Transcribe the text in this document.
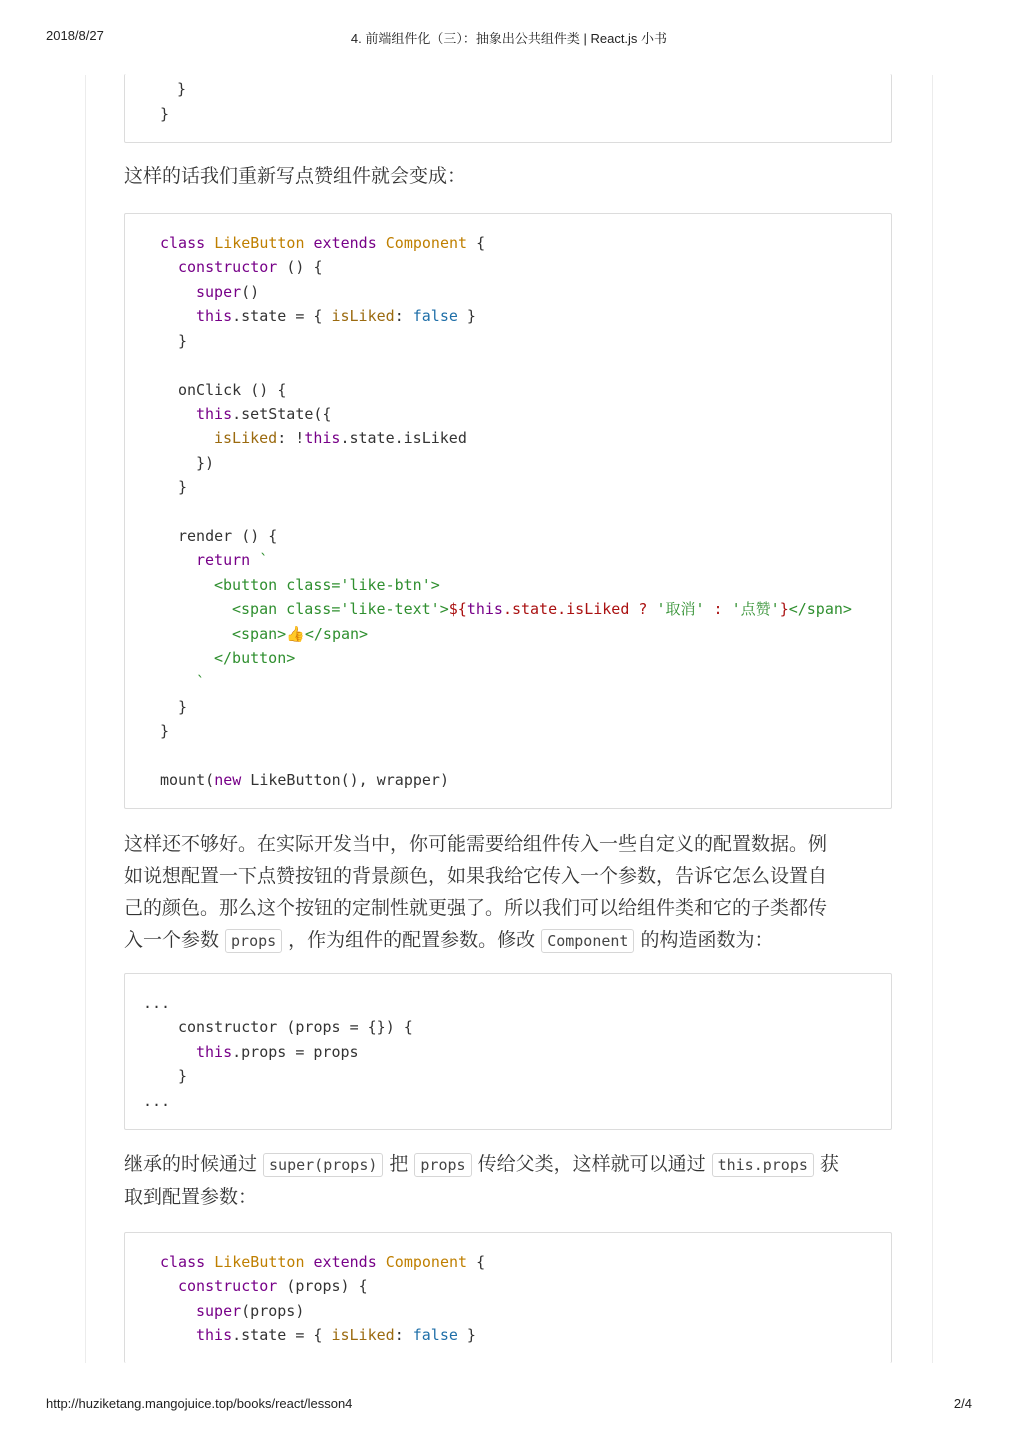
2018/8/27	4. 前端组件化（三）：抽象出公共组件类 | React.js 小书
}
}
这样的话我们重新写点赞组件就会变成：
class LikeButton extends Component {
constructor () {
super()
this.state = { isLiked: false }
}
onClick () {
this.setState({
isLiked: !this.state.isLiked
})
}
render () {
return `
<button class='like-btn'>
<span class='like-text'>${this.state.isLiked ? '取消' : '点赞'}</span>
<span>👍</span>
</button>
`
}
}
mount(new LikeButton(), wrapper)
这样还不够好。在实际开发当中，你可能需要给组件传入一些自定义的配置数据。例
如说想配置一下点赞按钮的背景颜色，如果我给它传入一个参数，告诉它怎么设置自
己的颜色。那么这个按钮的定制性就更强了。所以我们可以给组件类和它的子类都传
入一个参数 props ，作为组件的配置参数。修改 Component 的构造函数为：
...
constructor (props = {}) {
this.props = props
}
...
继承的时候通过 super(props) 把 props 传给父类，这样就可以通过 this.props 获
取到配置参数：
class LikeButton extends Component {
constructor (props) {
super(props)
this.state = { isLiked: false }
http://huziketang.mangojuice.top/books/react/lesson4	2/4
